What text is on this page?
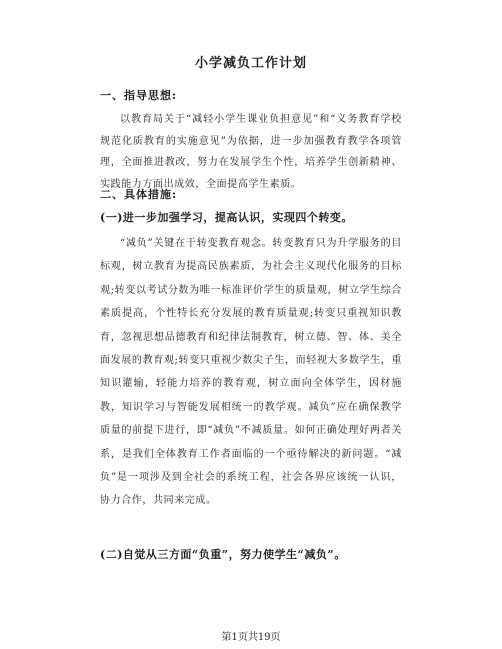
小学减负工作计划
一、指导思想:

以教育局关于“减轻小学生课业负担意见”和“义务教育学校规范化质教育的实施意见”为依据，进一步加强教育教学各项管理，全面推进教改，努力在发展学生个性，培养学生创新精神、实践能力方面出成效，全面提高学生素质。

二、具体措施:
(一)进一步加强学习，提高认识，实现四个转变。

“减负”关键在于转变教育观念。转变教育只为升学服务的目标观，树立教育为提高民族素质，为社会主义现代化服务的目标观;转变以考试分数为唯一标准评价学生的质量观，树立学生综合素质提高，个性特长充分发展的教育质量观;转变只重视知识教育，忽视思想品德教育和纪律法制教育，树立德、智、体、美全面发展的教育观;转变只重视少数尖子生，而轻视大多数学生，重知识灌输，轻能力培养的教育观，树立面向全体学生，因材施教，知识学习与智能发展相统一的教学观。减负”应在确保教学质量的前提下进行，即“减负”不减质量。如何正确处理好两者关系，是我们全体教育工作者面临的一个亟待解决的新问题。“减负”是一项涉及到全社会的系统工程，社会各界应该统一认识，协力合作，共同来完成。

(二)自觉从三方面“负重”，努力使学生“减负”。
第1页共19页
